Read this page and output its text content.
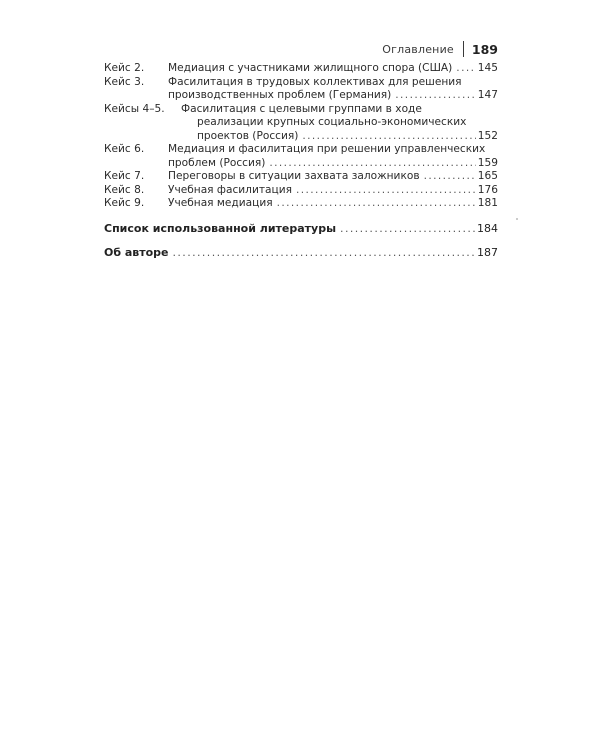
Оглавление 189
Кейс 2.	Медиация с участниками жилищного спора (США) ..... 145
Кейс 3.	Фасилитация в трудовых коллективах для решения
производственных проблем (Германия) .....	147
Кейсы 4–5.	Фасилитация с целевыми группами в ходе
реализации крупных социально-экономических
проектов (Россия) .....	152
Кейс 6.	Медиация и фасилитация при решении управленческих
проблем (Россия) .....	159
Кейс 7.	Переговоры в ситуации захвата заложников .....	165
Кейс 8.	Учебная фасилитация .....	176
Кейс 9.	Учебная медиация .....	181
Список использованной литературы .....	184
Об авторе .....	187
